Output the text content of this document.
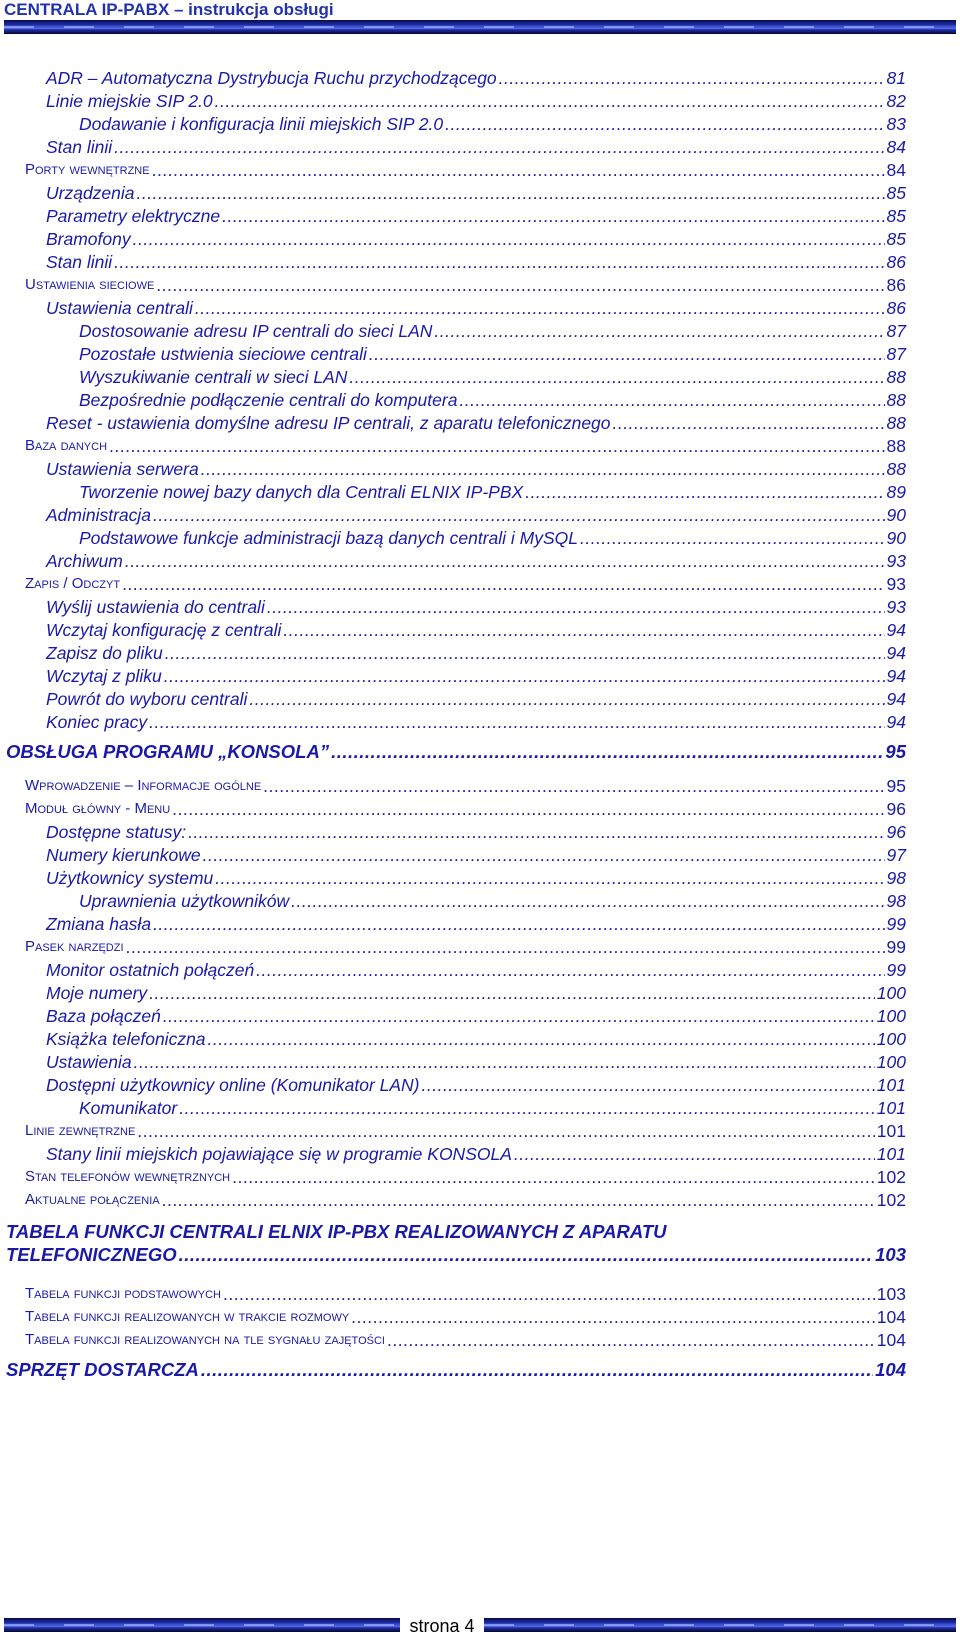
CENTRALA IP-PABX – instrukcja obsługi
ADR – Automatyczna Dystrybucja Ruchu przychodzącego .....	81
Linie miejskie SIP 2.0 .....	82
Dodawanie i konfiguracja linii miejskich SIP 2.0 .....	83
Stan linii .....	84
Porty wewnętrzne .....	84
Urządzenia .....	85
Parametry elektryczne .....	85
Bramofony .....	85
Stan linii .....	86
Ustawienia sieciowe .....	86
Ustawienia centrali .....	86
Dostosowanie adresu IP centrali do sieci LAN .....	87
Pozostałe ustwienia sieciowe centrali .....	87
Wyszukiwanie centrali w sieci LAN .....	88
Bezpośrednie podłączenie centrali do komputera .....	88
Reset - ustawienia domyślne adresu IP centrali, z aparatu telefonicznego .....	88
Baza danych .....	88
Ustawienia serwera .....	88
Tworzenie nowej bazy danych dla Centrali ELNIX IP-PBX .....	89
Administracja .....	90
Podstawowe funkcje administracji bazą danych centrali i MySQL .....	90
Archiwum .....	93
Zapis / Odczyt .....	93
Wyślij ustawienia do centrali .....	93
Wczytaj konfigurację z centrali .....	94
Zapisz do pliku .....	94
Wczytaj z pliku .....	94
Powrót do wyboru centrali .....	94
Koniec pracy .....	94
OBSŁUGA PROGRAMU „KONSOLA” .....	95
Wprowadzenie – Informacje ogólne .....	95
Moduł główny - Menu .....	96
Dostępne statusy: .....	96
Numery kierunkowe .....	97
Użytkownicy systemu .....	98
Uprawnienia użytkowników .....	98
Zmiana hasła .....	99
Pasek narzędzi .....	99
Monitor ostatnich połączeń .....	99
Moje numery .....	100
Baza połączeń .....	100
Książka telefoniczna .....	100
Ustawienia .....	100
Dostępni użytkownicy online (Komunikator LAN) .....	101
Komunikator .....	101
Linie zewnętrzne .....	101
Stany linii miejskich pojawiające się w programie KONSOLA .....	101
Stan telefonów wewnętrznych .....	102
Aktualne połączenia .....	102
TABELA FUNKCJI CENTRALI ELNIX IP-PBX REALIZOWANYCH Z APARATU
TELEFONICZNEGO .....	103
Tabela funkcji podstawowych .....	103
Tabela funkcji realizowanych w trakcie rozmowy .....	104
Tabela funkcji realizowanych na tle sygnału zajętości .....	104
SPRZĘT DOSTARCZA .....	104
strona 4
